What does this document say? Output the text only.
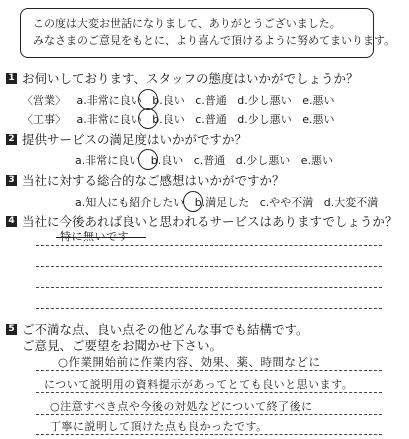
この度は大変お世話になりまして、ありがとうございました。
みなさまのご意見をもとに、より喜んで頂けるように努めてまいります。
1 お伺いしております、スタッフの態度はいかがでしょうか？
〈営業〉 a.非常に良い b.良い c.普通 d.少し悪い e.悪い
〈工事〉 a.非常に良い b.良い c.普通 d.少し悪い e.悪い
2 提供サービスの満足度はいかがですか？
a.非常に良い b.良い c.普通 d.少し悪い e.悪い
3 当社に対する総合的なご感想はいかがですか？
a.知人にも紹介したい b.満足した c.やや不満 d.大変不満
4 当社に今後あれば良いと思われるサービスはありますでしょうか？
特に無いです
5 ご不満な点、良い点その他どんな事でも結構です。
ご意見、ご要望をお聞かせ下さい。
○作業開始前に作業内容、効果、薬、時間などに
について説明用の資料提示があってとても良いと思います。
○注意すべき点や今後の対処などについて終了後に
丁寧に説明して頂けた点も良かったです。
